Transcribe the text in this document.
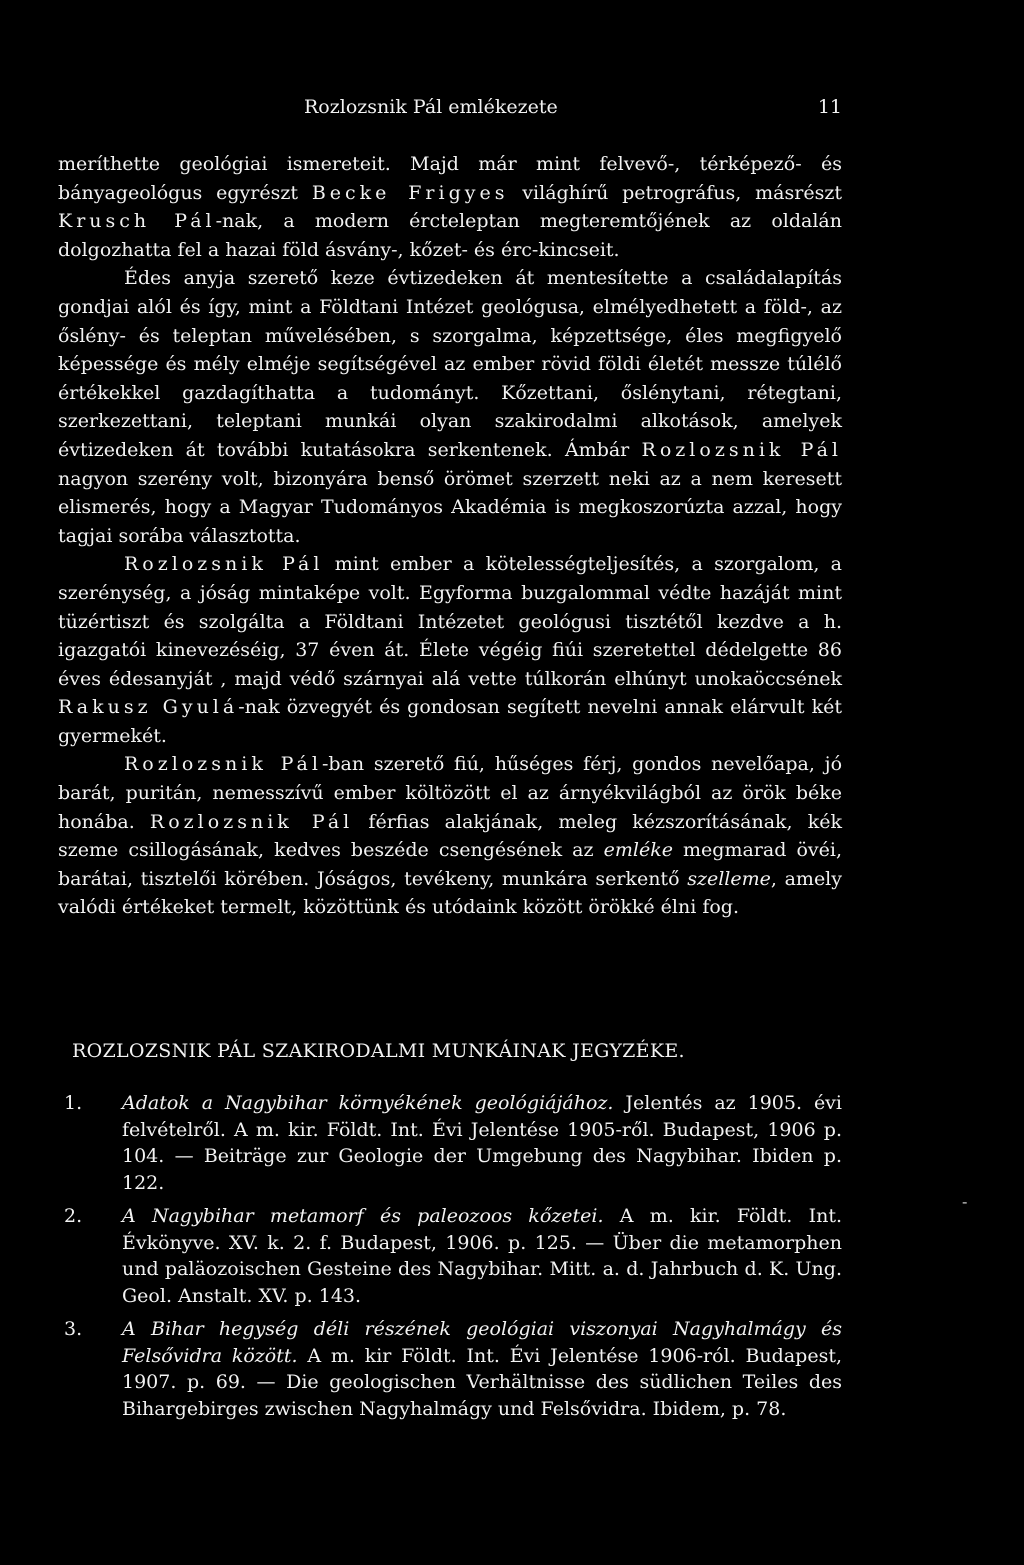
Rozlozsnik Pál emlékezete	11

meríthette geológiai ismereteit. Majd már mint felvevő-, térképező- és bányageológus egyrészt Becke Frigyes világhírű petrográfus, másrészt Krusch Pál-nak, a modern ércteleptan megteremtőjének az oldalán dolgozhatta fel a hazai föld ásvány-, kőzet- és érc-kincseit.

Édes anyja szerető keze évtizedeken át mentesítette a családalapítás gondjai alól és így, mint a Földtani Intézet geológusa, elmélyedhetett a föld-, az őslény- és teleptan művelésében, s szorgalma, képzettsége, éles megfigyelő képessége és mély elméje segítségével az ember rövid földi életét messze túlélő értékekkel gazdagíthatta a tudományt. Kőzettani, őslénytani, rétegtani, szerkezettani, teleptani munkái olyan szakirodalmi alkotások, amelyek évtizedeken át további kutatásokra serkentenek. Ámbár Rozlozsnik Pál nagyon szerény volt, bizonyára benső örömet szerzett neki az a nem keresett elismerés, hogy a Magyar Tudományos Akadémia is megkoszorúzta azzal, hogy tagjai sorába választotta.

Rozlozsnik Pál mint ember a kötelességteljesítés, a szorgalom, a szerénység, a jóság mintaképe volt. Egyforma buzgalommal védte hazáját mint tüzértiszt és szolgálta a Földtani Intézetet geológusi tisztétől kezdve a h. igazgatói kinevezéséig, 37 éven át. Élete végéig fiúi szeretettel dédelgette 86 éves édesanyját , majd védő szárnyai alá vette túlkorán elhúnyt unokaöccsének Rakusz Gyulá-nak özvegyét és gondosan segített nevelni annak elárvult két gyermekét.

Rozlozsnik Pál-ban szerető fiú, hűséges férj, gondos nevelőapa, jó barát, puritán, nemesszívű ember költözött el az árnyékvilágból az örök béke honába. Rozlozsnik Pál férfias alakjának, meleg kézszorításának, kék szeme csillogásának, kedves beszéde csengésének az emléke megmarad övéi, barátai, tisztelői körében. Jóságos, tevékeny, munkára serkentő szelleme, amely valódi értékeket termelt, közöttünk és utódaink között örökké élni fog.

ROZLOZSNIK PÁL SZAKIRODALMI MUNKÁINAK JEGYZÉKE.
1. Adatok a Nagybihar környékének geológiájához. Jelentés az 1905. évi felvételről. A m. kir. Földt. Int. Évi Jelentése 1905-ről. Budapest, 1906 p. 104. — Beiträge zur Geologie der Umgebung des Nagybihar. Ibiden p. 122.
2. A Nagybihar metamorf és paleozoos kőzetei. A m. kir. Földt. Int. Évkönyve. XV. k. 2. f. Budapest, 1906. p. 125. — Über die metamorphen und paläozoischen Gesteine des Nagybihar. Mitt. a. d. Jahrbuch d. K. Ung. Geol. Anstalt. XV. p. 143.
3. A Bihar hegység déli részének geológiai viszonyai Nagyhalmágy és Felsővidra között. A m. kir Földt. Int. Évi Jelentése 1906-ról. Budapest, 1907. p. 69. — Die geologischen Verhältnisse des südlichen Teiles des Bihargebirges zwischen Nagyhalmágy und Felsővidra. Ibidem, p. 78.
-
